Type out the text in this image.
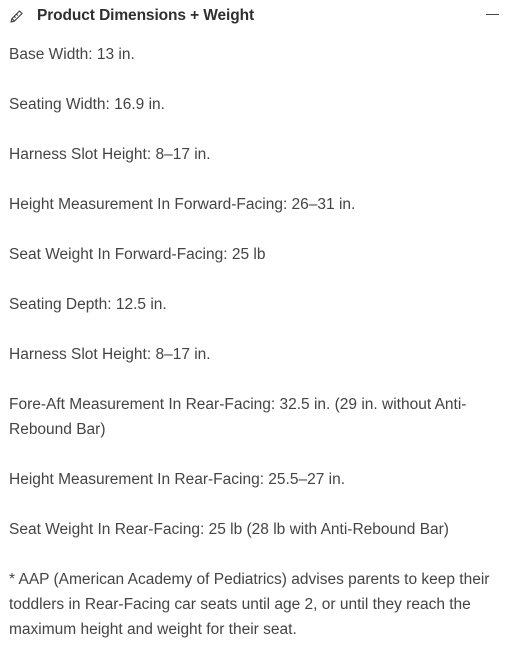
Product Dimensions + Weight
Base Width: 13 in.
Seating Width: 16.9 in.
Harness Slot Height: 8–17 in.
Height Measurement In Forward-Facing: 26–31 in.
Seat Weight In Forward-Facing: 25 lb
Seating Depth: 12.5 in.
Harness Slot Height: 8–17 in.
Fore-Aft Measurement In Rear-Facing: 32.5 in. (29 in. without Anti-Rebound Bar)
Height Measurement In Rear-Facing: 25.5–27 in.
Seat Weight In Rear-Facing: 25 lb (28 lb with Anti-Rebound Bar)
* AAP (American Academy of Pediatrics) advises parents to keep their toddlers in Rear-Facing car seats until age 2, or until they reach the maximum height and weight for their seat.
